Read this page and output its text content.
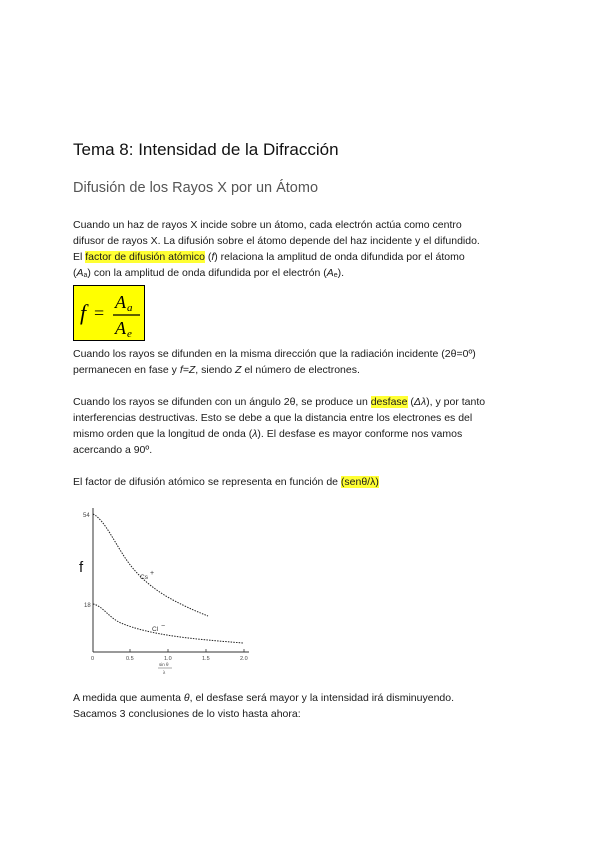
Tema 8: Intensidad de la Difracción
Difusión de los Rayos X por un Átomo
Cuando un haz de rayos X incide sobre un átomo, cada electrón actúa como centro
difusor de rayos X. La difusión sobre el átomo depende del haz incidente y el difundido.
El factor de difusión atómico (f) relaciona la amplitud de onda difundida por el átomo
$(A_a)$ con la amplitud de onda difundida por el electrón $(A_e)$.
f =
A a
A e
Cuando los rayos se difunden en la misma dirección que la radiación incidente (2θ=0º)
permanecen en fase y f=Z, siendo Z el número de electrones.
Cuando los rayos se difunden con un ángulo 2θ, se produce un desfase (Δλ), y por tanto
interferencias destructivas. Esto se debe a que la distancia entre los electrones es del
mismo orden que la longitud de onda (λ). El desfase es mayor conforme nos vamos
acercando a 90º.
El factor de difusión atómico se representa en función de (senθ/λ)
54
18
f
0	0.5	1.0	1.5	2.0
sin θ
λ
Cs
+
Cl −
A medida que aumenta θ, el desfase será mayor y la intensidad irá disminuyendo.
Sacamos 3 conclusiones de lo visto hasta ahora:
